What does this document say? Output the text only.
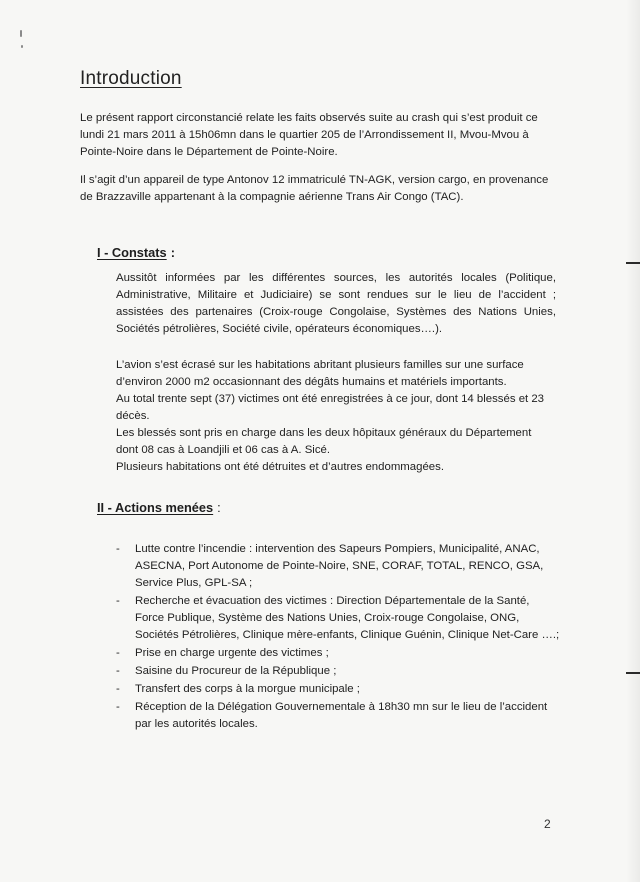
Introduction

Le présent rapport circonstancié relate les faits observés suite au crash qui s’est produit ce lundi 21 mars 2011 à 15h06mn dans le quartier 205 de l’Arrondissement II, Mvou-Mvou à Pointe-Noire dans le Département de Pointe-Noire.

Il s’agit d’un appareil de type Antonov 12 immatriculé TN-AGK, version cargo, en provenance de Brazzaville appartenant à la compagnie aérienne Trans Air Congo (TAC).

I - Constats :

Aussitôt informées par les différentes sources, les autorités locales (Politique, Administrative, Militaire et Judiciaire) se sont rendues sur le lieu de l’accident ; assistées des partenaires (Croix-rouge Congolaise, Systèmes des Nations Unies, Sociétés pétrolières, Société civile, opérateurs économiques….).

L’avion s’est écrasé sur les habitations abritant plusieurs familles sur une surface d’environ 2000 m2 occasionnant des dégâts humains et matériels importants.
Au total trente sept (37) victimes ont été enregistrées à ce jour, dont 14 blessés et 23 décès.
Les blessés sont pris en charge dans les deux hôpitaux généraux du Département dont 08 cas à Loandjili et 06 cas à A. Sicé.
Plusieurs habitations ont été détruites et d’autres endommagées.

II - Actions menées :
- Lutte contre l’incendie : intervention des Sapeurs Pompiers, Municipalité, ANAC, ASECNA, Port Autonome de Pointe-Noire, SNE, CORAF, TOTAL, RENCO, GSA, Service Plus, GPL-SA ;
- Recherche et évacuation des victimes : Direction Départementale de la Santé, Force Publique, Système des Nations Unies, Croix-rouge Congolaise, ONG, Sociétés Pétrolières, Clinique mère-enfants, Clinique Guénin, Clinique Net-Care ….;
- Prise en charge urgente des victimes ;
- Saisine du Procureur de la République ;
- Transfert des corps à la morgue municipale ;
- Réception de la Délégation Gouvernementale à 18h30 mn sur le lieu de l’accident par les autorités locales.
2
